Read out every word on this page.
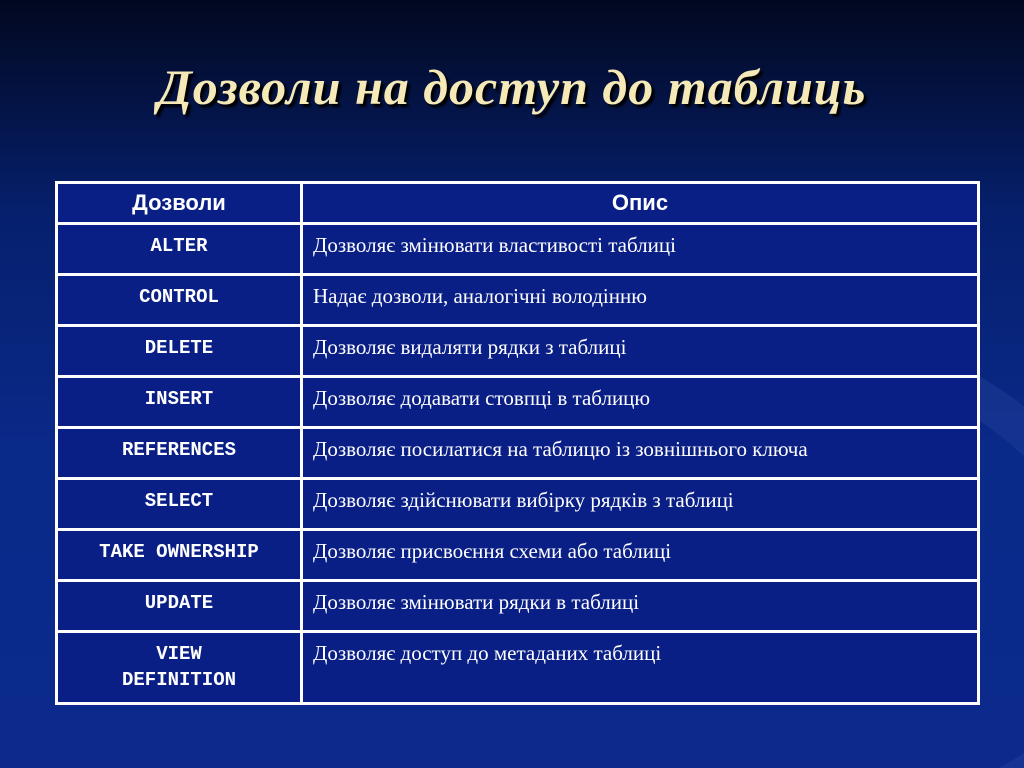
Дозволи на доступ до таблиць
Дозволи	Опис
ALTER	Дозволяє змінювати властивості таблиці
CONTROL	Надає дозволи, аналогічні володінню
DELETE	Дозволяє видаляти рядки з таблиці
INSERT	Дозволяє додавати стовпці в таблицю
REFERENCES	Дозволяє посилатися на таблицю із зовнішнього ключа
SELECT	Дозволяє здійснювати вибірку рядків з таблиці
TAKE OWNERSHIP	Дозволяє присвоєння схеми або таблиці
UPDATE	Дозволяє змінювати рядки в таблиці
VIEW DEFINITION	Дозволяє доступ до метаданих таблиці
